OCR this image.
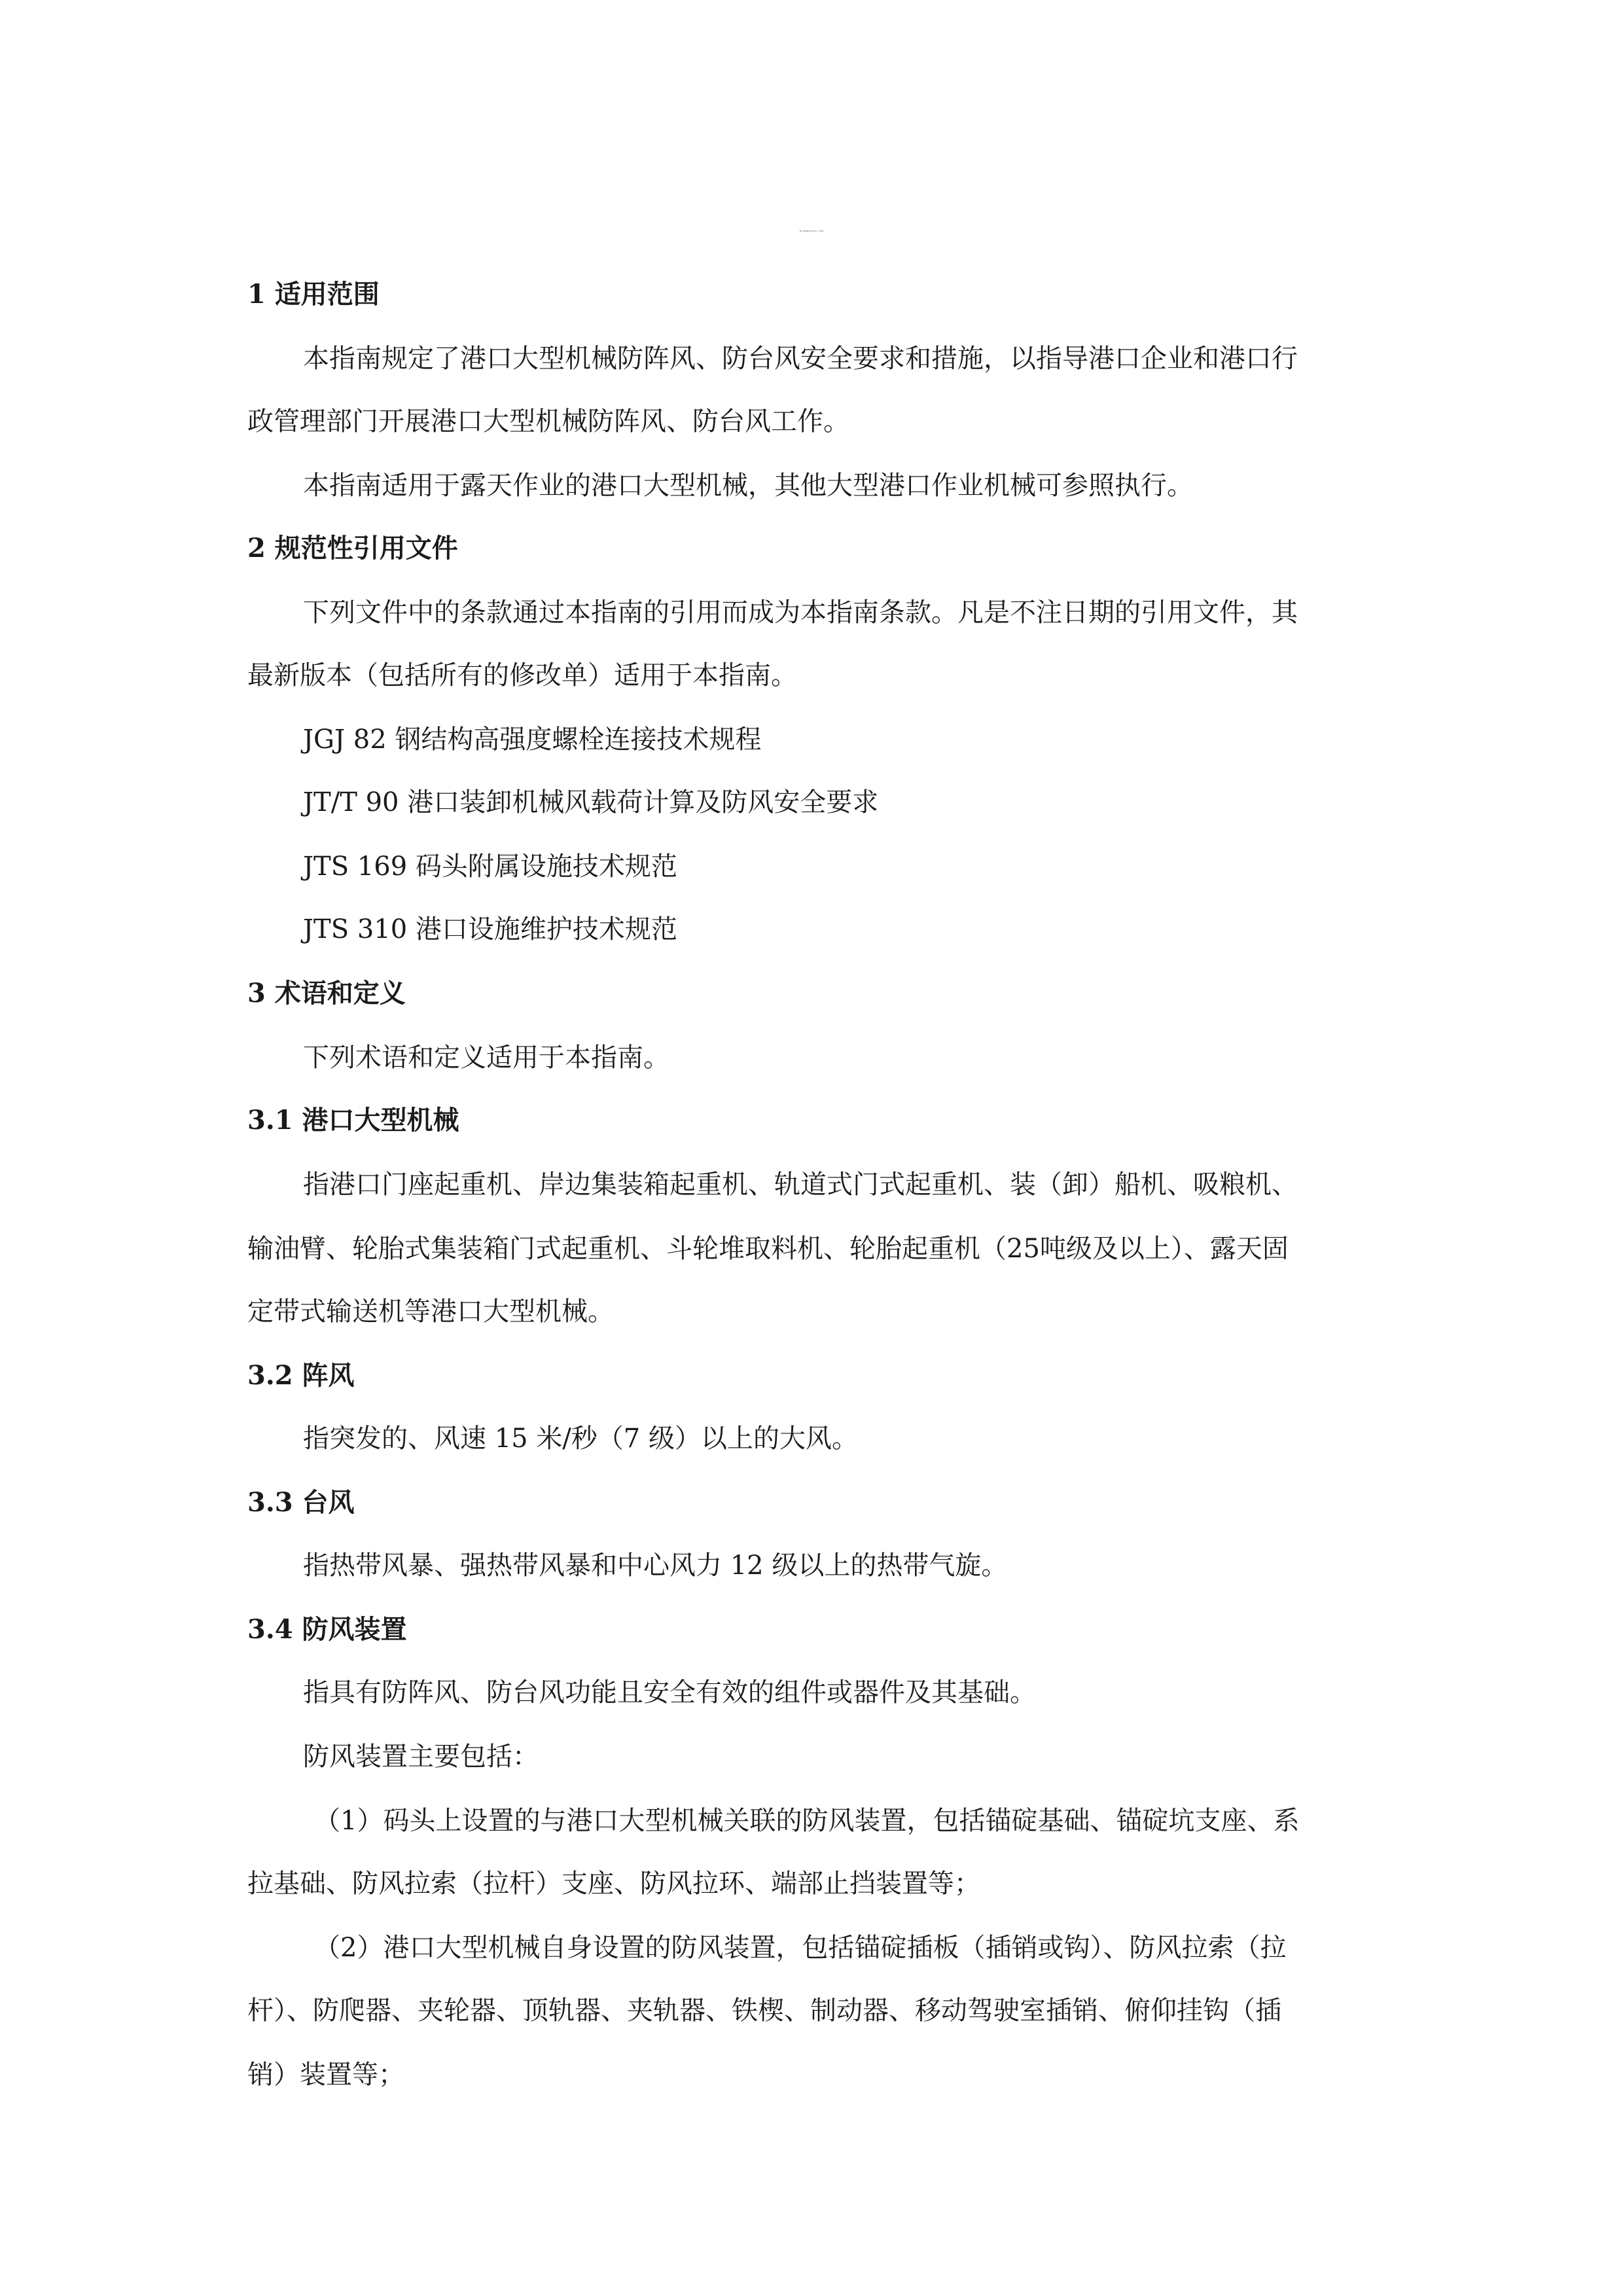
港口大型机械防阵风防台风安全工作指南
1 适用范围
本指南规定了港口大型机械防阵风、防台风安全要求和措施，以指导港口企业和港口行
政管理部门开展港口大型机械防阵风、防台风工作。
本指南适用于露天作业的港口大型机械，其他大型港口作业机械可参照执行。
2 规范性引用文件
下列文件中的条款通过本指南的引用而成为本指南条款。凡是不注日期的引用文件，其
最新版本（包括所有的修改单）适用于本指南。
JGJ 82 钢结构高强度螺栓连接技术规程
JT/T 90 港口装卸机械风载荷计算及防风安全要求
JTS 169 码头附属设施技术规范
JTS 310 港口设施维护技术规范
3 术语和定义
下列术语和定义适用于本指南。
3.1 港口大型机械
指港口门座起重机、岸边集装箱起重机、轨道式门式起重机、装（卸）船机、吸粮机、
输油臂、轮胎式集装箱门式起重机、斗轮堆取料机、轮胎起重机（25吨级及以上）、露天固
定带式输送机等港口大型机械。
3.2 阵风
指突发的、风速 15 米/秒（7 级）以上的大风。
3.3 台风
指热带风暴、强热带风暴和中心风力 12 级以上的热带气旋。
3.4 防风装置
指具有防阵风、防台风功能且安全有效的组件或器件及其基础。
防风装置主要包括：
（1）码头上设置的与港口大型机械关联的防风装置，包括锚碇基础、锚碇坑支座、系
拉基础、防风拉索（拉杆）支座、防风拉环、端部止挡装置等；
（2）港口大型机械自身设置的防风装置，包括锚碇插板（插销或钩）、防风拉索（拉
杆）、防爬器、夹轮器、顶轨器、夹轨器、铁楔、制动器、移动驾驶室插销、俯仰挂钩（插
销）装置等；
